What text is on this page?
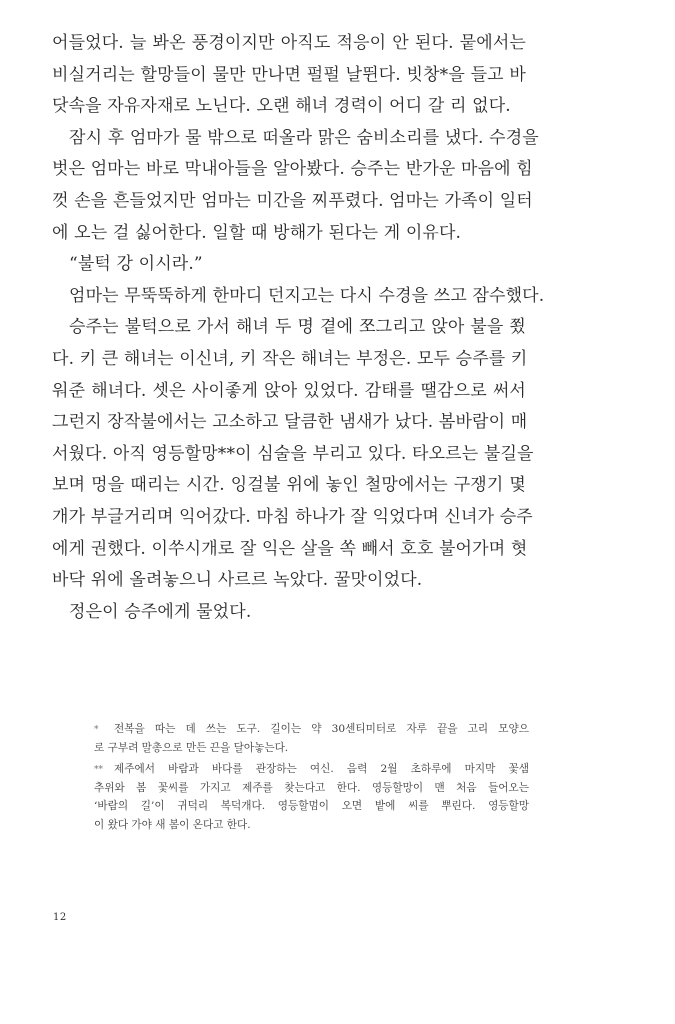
어들었다. 늘 봐온 풍경이지만 아직도 적응이 안 된다. 뭍에서는
비실거리는 할망들이 물만 만나면 펄펄 날뛴다. 빗창*을 들고 바
닷속을 자유자재로 노닌다. 오랜 해녀 경력이 어디 갈 리 없다.
잠시 후 엄마가 물 밖으로 떠올라 맑은 숨비소리를 냈다. 수경을
벗은 엄마는 바로 막내아들을 알아봤다. 승주는 반가운 마음에 힘
껏 손을 흔들었지만 엄마는 미간을 찌푸렸다. 엄마는 가족이 일터
에 오는 걸 싫어한다. 일할 때 방해가 된다는 게 이유다.
“불턱 강 이시라.”
엄마는 무뚝뚝하게 한마디 던지고는 다시 수경을 쓰고 잠수했다.
승주는 불턱으로 가서 해녀 두 명 곁에 쪼그리고 앉아 불을 쬤
다. 키 큰 해녀는 이신녀, 키 작은 해녀는 부정은. 모두 승주를 키
워준 해녀다. 셋은 사이좋게 앉아 있었다. 감태를 땔감으로 써서
그런지 장작불에서는 고소하고 달큼한 냄새가 났다. 봄바람이 매
서웠다. 아직 영등할망**이 심술을 부리고 있다. 타오르는 불길을
보며 멍을 때리는 시간. 잉걸불 위에 놓인 철망에서는 구쟁기 몇
개가 부글거리며 익어갔다. 마침 하나가 잘 익었다며 신녀가 승주
에게 권했다. 이쑤시개로 잘 익은 살을 쏙 빼서 호호 불어가며 혓
바닥 위에 올려놓으니 사르르 녹았다. 꿀맛이었다.
정은이 승주에게 물었다.
* 전복을 따는 데 쓰는 도구. 길이는 약 30센티미터로 자루 끝을 고리 모양으
로 구부려 말총으로 만든 끈을 달아놓는다.
** 제주에서 바람과 바다를 관장하는 여신. 음력 2월 초하루에 마지막 꽃샘
추위와 봄 꽃씨를 가지고 제주를 찾는다고 한다. 영등할망이 맨 처음 들어오는
‘바람의 길’이 귀덕리 복덕개다. 영등할멈이 오면 밭에 씨를 뿌린다. 영등할망
이 왔다 가야 새 봄이 온다고 한다.
12
